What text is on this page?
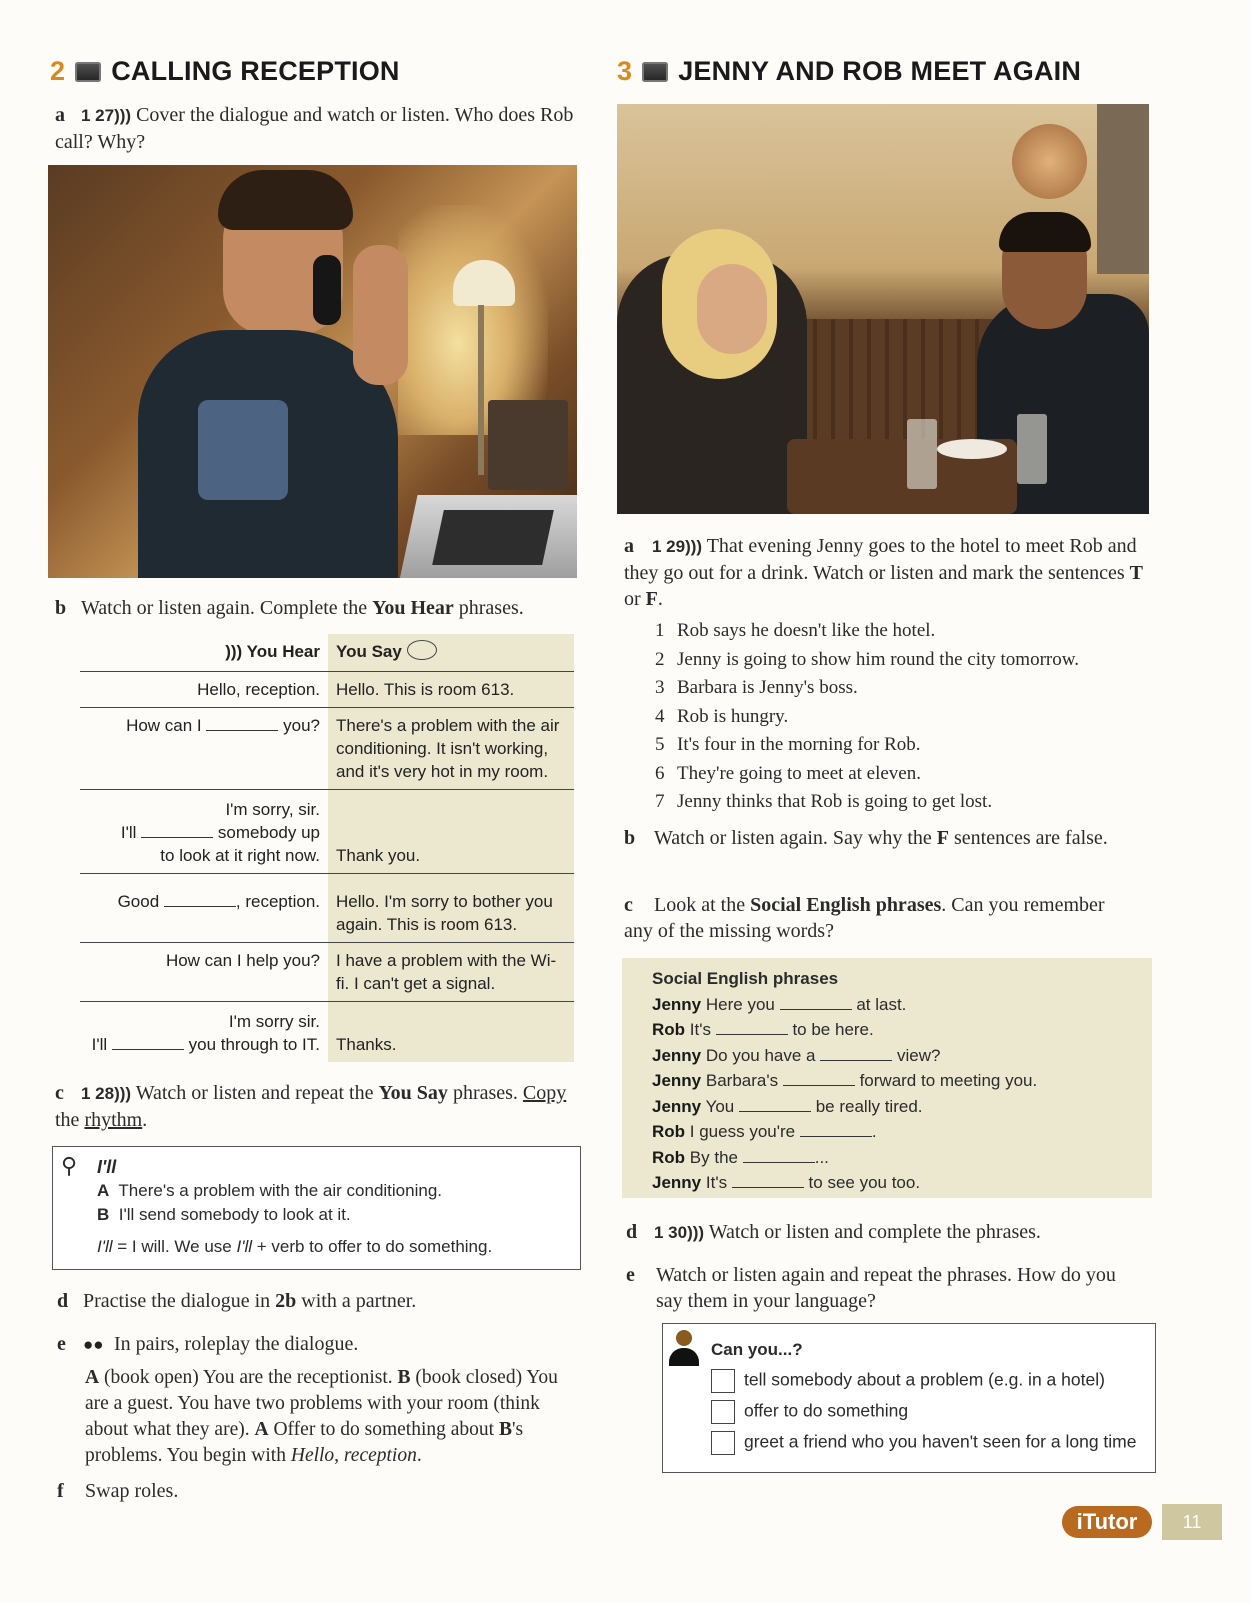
2 CALLING RECEPTION
a 1 27))) Cover the dialogue and watch or listen. Who does Rob call? Why?
b Watch or listen again. Complete the You Hear phrases.
))) You Hear	You Say
Hello, reception.	Hello. This is room 613.
How can I you?	There's a problem with the air conditioning. It isn't working, and it's very hot in my room.

I'm sorry, sir.
I'll somebody up
to look at it right now.	Thank you.
Good , reception.	Hello. I'm sorry to bother you again. This is room 613.
How can I help you?	I have a problem with the Wi-fi. I can't get a signal.

I'm sorry sir.
I'll you through to IT.	Thanks.
c 1 28))) Watch or listen and repeat the You Say phrases. Copy the rhythm.
⚲ I'll
A There's a problem with the air conditioning.
B I'll send somebody to look at it.
I'll = I will. We use I'll + verb to offer to do something.
d Practise the dialogue in 2b with a partner.
e ●● In pairs, roleplay the dialogue.
A (book open) You are the receptionist. B (book closed) You are a guest. You have two problems with your room (think about what they are). A Offer to do something about B's problems. You begin with Hello, reception.
f Swap roles.
3 JENNY AND ROB MEET AGAIN
a 1 29))) That evening Jenny goes to the hotel to meet Rob and they go out for a drink. Watch or listen and mark the sentences T or F.
1 Rob says he doesn't like the hotel.
2 Jenny is going to show him round the city tomorrow.
3 Barbara is Jenny's boss.
4 Rob is hungry.
5 It's four in the morning for Rob.
6 They're going to meet at eleven.
7 Jenny thinks that Rob is going to get lost.
b Watch or listen again. Say why the F sentences are false.
c Look at the Social English phrases. Can you remember any of the missing words?
Social English phrases
Jenny Here you	at last.
Rob It's	to be here.
Jenny Do you have a	view?
Jenny Barbara's	forward to meeting you.
Jenny You	be really tired.
Rob I guess you're	.
Rob By the	...
Jenny It's	to see you too.
d 1 30))) Watch or listen and complete the phrases.
e Watch or listen again and repeat the phrases. How do you say them in your language?
Can you...?
tell somebody about a problem (e.g. in a hotel)
offer to do something
greet a friend who you haven't seen for a long time
iTutor	11
